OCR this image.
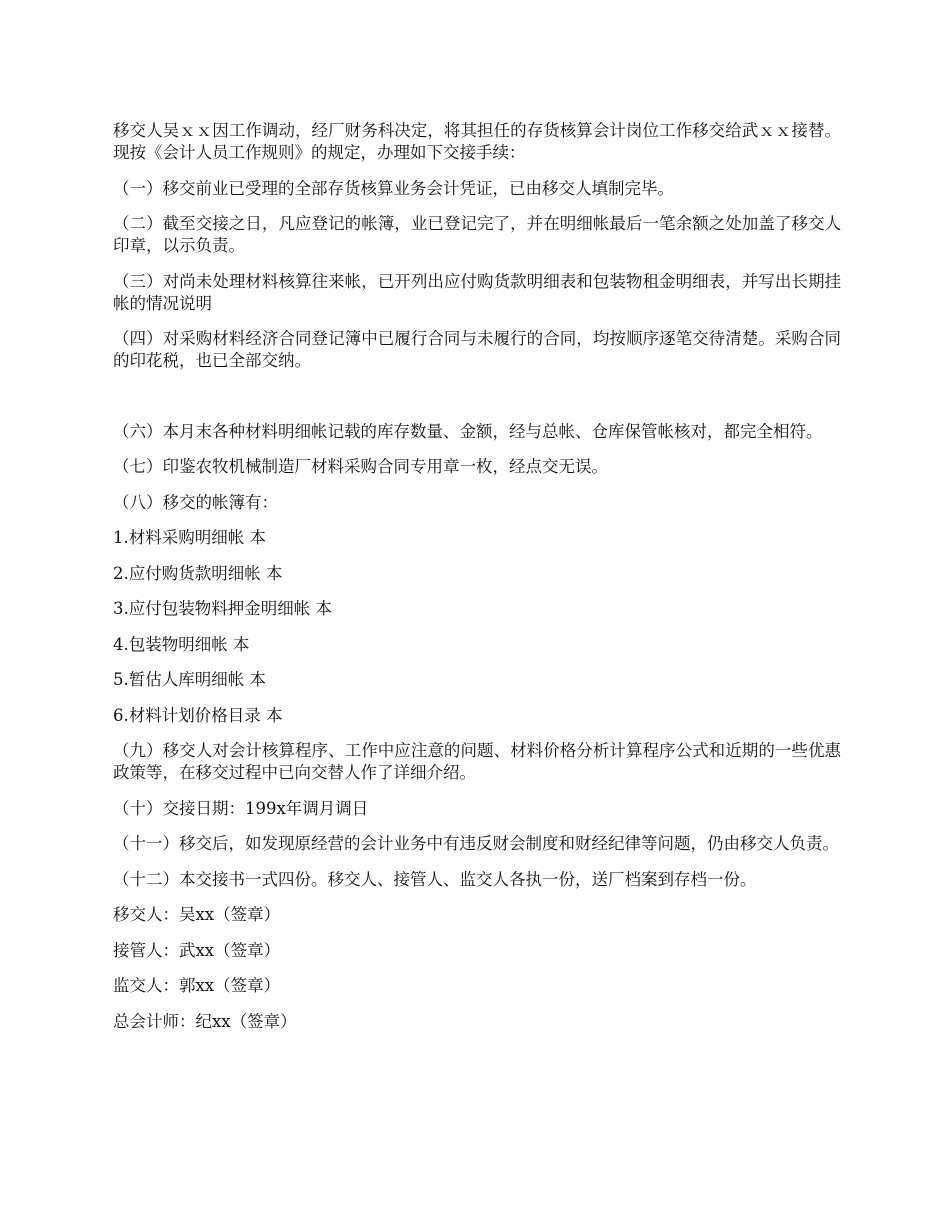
移交人吴ｘｘ因工作调动，经厂财务科决定，将其担任的存货核算会计岗位工作移交给武ｘｘ接替。现按《会计人员工作规则》的规定，办理如下交接手续：

（一）移交前业已受理的全部存货核算业务会计凭证，已由移交人填制完毕。

（二）截至交接之日，凡应登记的帐簿，业已登记完了，并在明细帐最后一笔余额之处加盖了移交人印章，以示负责。

（三）对尚未处理材料核算往来帐，已开列出应付购货款明细表和包装物租金明细表，并写出长期挂帐的情况说明

（四）对采购材料经济合同登记簿中已履行合同与未履行的合同，均按顺序逐笔交待清楚。采购合同的印花税，也已全部交纳。

（六）本月末各种材料明细帐记载的库存数量、金额，经与总帐、仓库保管帐核对，都完全相符。

（七）印鉴农牧机械制造厂材料采购合同专用章一枚，经点交无误。

（八）移交的帐簿有：

1.材料采购明细帐 本

2.应付购货款明细帐 本

3.应付包装物料押金明细帐 本

4.包装物明细帐 本

5.暂估人库明细帐 本

6.材料计划价格目录 本

（九）移交人对会计核算程序、工作中应注意的问题、材料价格分析计算程序公式和近期的一些优惠政策等，在移交过程中已向交替人作了详细介绍。

（十）交接日期：199x年调月调日

（十一）移交后，如发现原经营的会计业务中有违反财会制度和财经纪律等问题，仍由移交人负责。

（十二）本交接书一式四份。移交人、接管人、监交人各执一份，送厂档案到存档一份。

移交人：吴xx（签章）

接管人：武xx（签章）

监交人：郭xx（签章）

总会计师：纪xx（签章）
